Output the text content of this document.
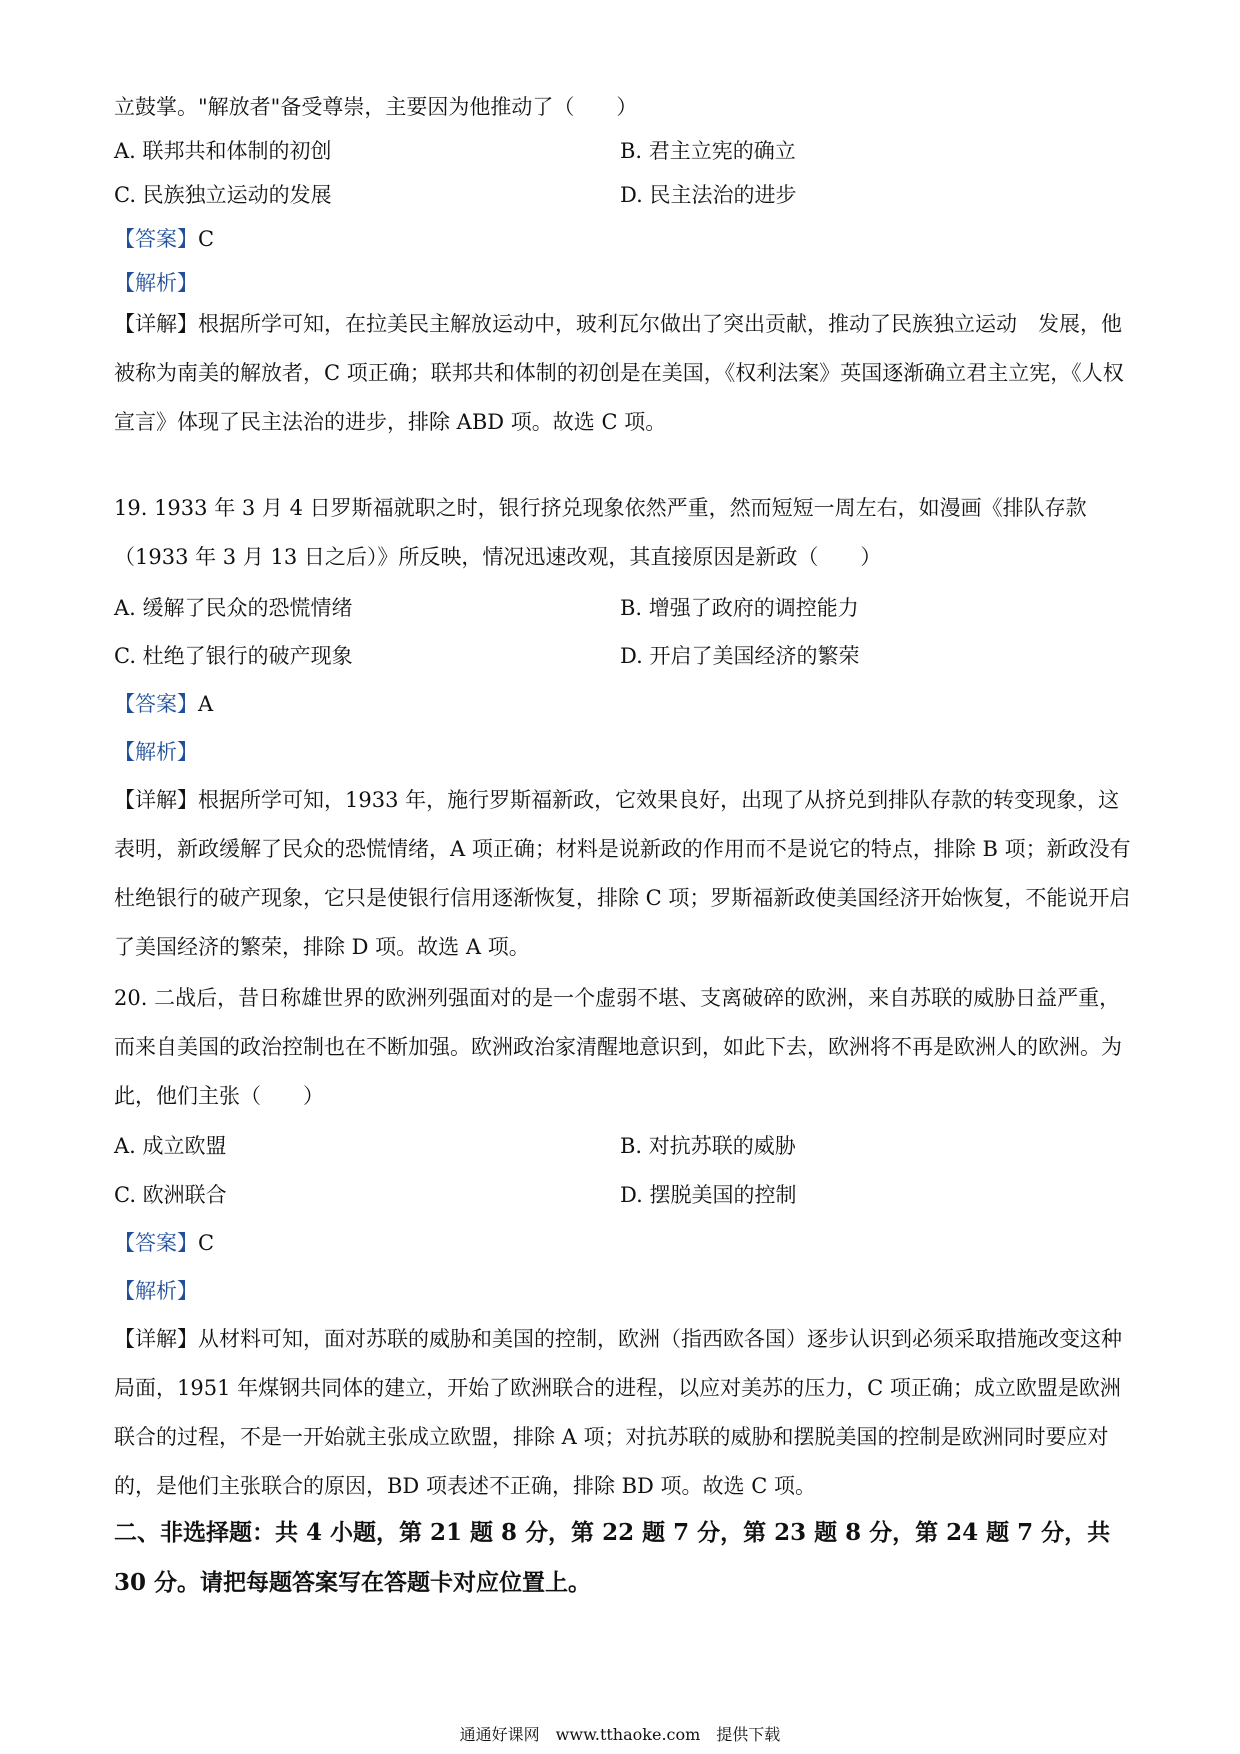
立鼓掌。"解放者"备受尊崇，主要因为他推动了（　　）
A. 联邦共和体制的初创	B. 君主立宪的确立
C. 民族独立运动的发展	D. 民主法治的进步
【答案】C
【解析】
【详解】根据所学可知，在拉美民主解放运动中，玻利瓦尔做出了突出贡献，推动了民族独立运动　发展，他被称为南美的解放者，C 项正确；联邦共和体制的初创是在美国，《权利法案》英国逐渐确立君主立宪，《人权宣言》体现了民主法治的进步，排除 ABD 项。故选 C 项。
19. 1933 年 3 月 4 日罗斯福就职之时，银行挤兑现象依然严重，然而短短一周左右，如漫画《排队存款（1933 年 3 月 13 日之后）》所反映，情况迅速改观，其直接原因是新政（　　）
A. 缓解了民众的恐慌情绪	B. 增强了政府的调控能力
C. 杜绝了银行的破产现象	D. 开启了美国经济的繁荣
【答案】A
【解析】
【详解】根据所学可知，1933 年，施行罗斯福新政，它效果良好，出现了从挤兑到排队存款的转变现象，这表明，新政缓解了民众的恐慌情绪，A 项正确；材料是说新政的作用而不是说它的特点，排除 B 项；新政没有杜绝银行的破产现象，它只是使银行信用逐渐恢复，排除 C 项；罗斯福新政使美国经济开始恢复，不能说开启了美国经济的繁荣，排除 D 项。故选 A 项。
20. 二战后，昔日称雄世界的欧洲列强面对的是一个虚弱不堪、支离破碎的欧洲，来自苏联的威胁日益严重，而来自美国的政治控制也在不断加强。欧洲政治家清醒地意识到，如此下去，欧洲将不再是欧洲人的欧洲。为此，他们主张（　　）
A. 成立欧盟	B. 对抗苏联的威胁
C. 欧洲联合	D. 摆脱美国的控制
【答案】C
【解析】
【详解】从材料可知，面对苏联的威胁和美国的控制，欧洲（指西欧各国）逐步认识到必须采取措施改变这种局面，1951 年煤钢共同体的建立，开始了欧洲联合的进程，以应对美苏的压力，C 项正确；成立欧盟是欧洲联合的过程，不是一开始就主张成立欧盟，排除 A 项；对抗苏联的威胁和摆脱美国的控制是欧洲同时要应对的，是他们主张联合的原因，BD 项表述不正确，排除 BD 项。故选 C 项。
二、非选择题：共 4 小题，第 21 题 8 分，第 22 题 7 分，第 23 题 8 分，第 24 题 7 分，共 30 分。请把每题答案写在答题卡对应位置上。
通通好课网　www.tthaoke.com　提供下载
